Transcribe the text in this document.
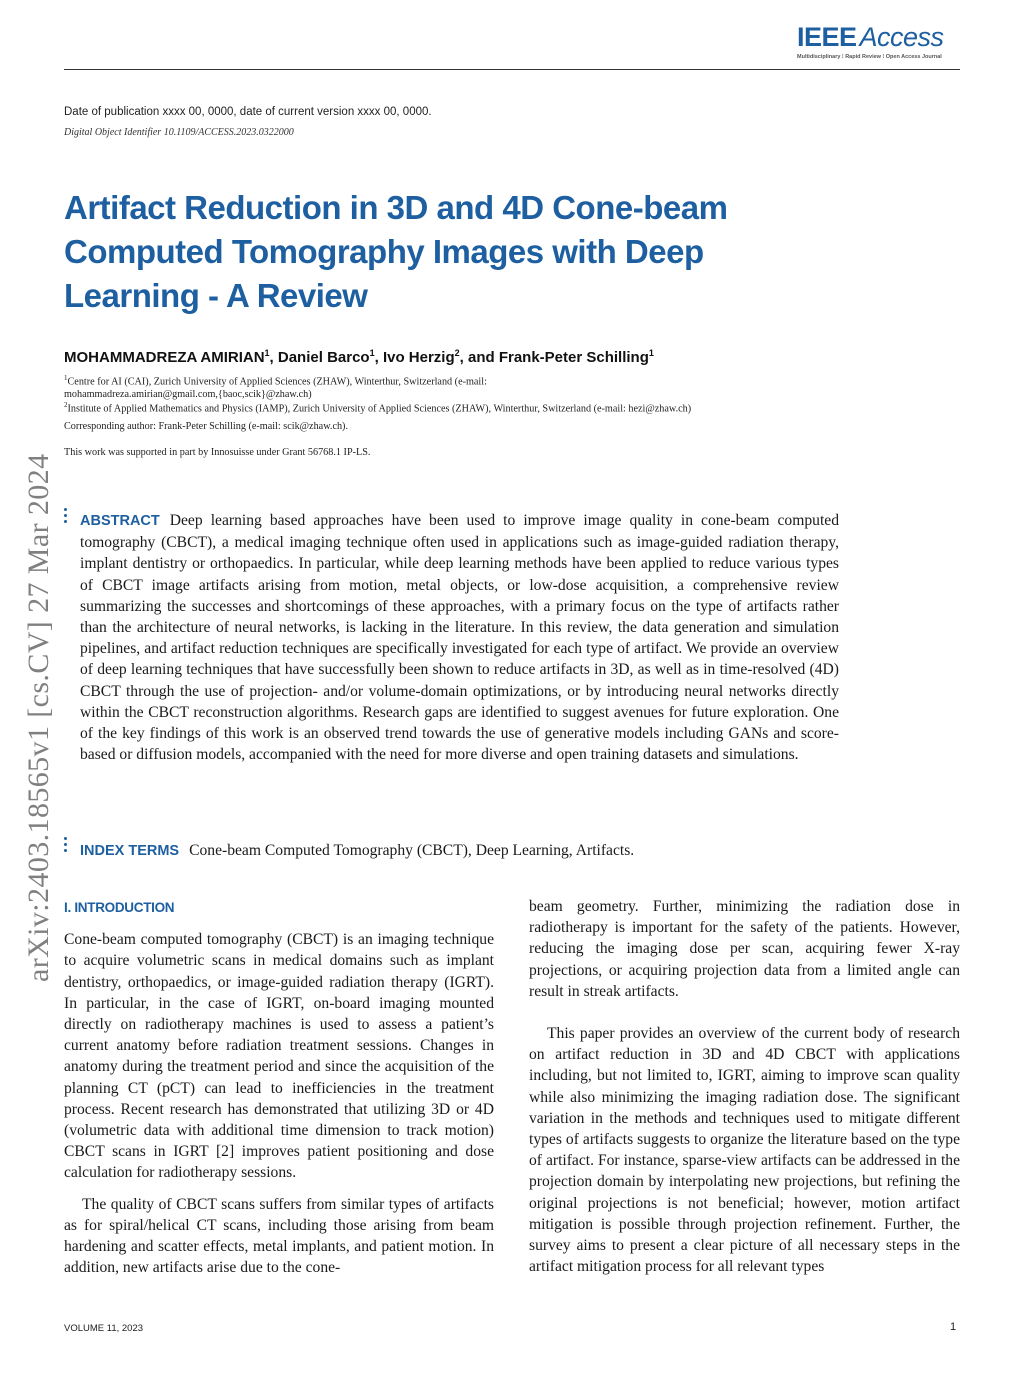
IEEE Access
Multidisciplinary ⁝ Rapid Review ⁝ Open Access Journal
Date of publication xxxx 00, 0000, date of current version xxxx 00, 0000.
Digital Object Identifier 10.1109/ACCESS.2023.0322000
arXiv:2403.18565v1 [cs.CV] 27 Mar 2024
Artifact Reduction in 3D and 4D Cone-beam
Computed Tomography Images with Deep
Learning - A Review
MOHAMMADREZA AMIRIAN$^1$, Daniel Barco$^1$, Ivo Herzig$^2$, and Frank-Peter Schilling$^1$
$^1$Centre for AI (CAI), Zurich University of Applied Sciences (ZHAW), Winterthur, Switzerland (e-mail:
mohammadreza.amirian@gmail.com,{baoc,scik}@zhaw.ch)
$^2$Institute of Applied Mathematics and Physics (IAMP), Zurich University of Applied Sciences (ZHAW), Winterthur, Switzerland (e-mail: hezi@zhaw.ch)
Corresponding author: Frank-Peter Schilling (e-mail: scik@zhaw.ch).
This work was supported in part by Innosuisse under Grant 56768.1 IP-LS.
ABSTRACT Deep learning based approaches have been used to improve image quality in cone-beam computed tomography (CBCT), a medical imaging technique often used in applications such as image-guided radiation therapy, implant dentistry or orthopaedics. In particular, while deep learning methods have been applied to reduce various types of CBCT image artifacts arising from motion, metal objects, or low-dose acquisition, a comprehensive review summarizing the successes and shortcomings of these approaches, with a primary focus on the type of artifacts rather than the architecture of neural networks, is lacking in the literature. In this review, the data generation and simulation pipelines, and artifact reduction techniques are specifically investigated for each type of artifact. We provide an overview of deep learning techniques that have successfully been shown to reduce artifacts in 3D, as well as in time-resolved (4D) CBCT through the use of projection- and/or volume-domain optimizations, or by introducing neural networks directly within the CBCT reconstruction algorithms. Research gaps are identified to suggest avenues for future exploration. One of the key findings of this work is an observed trend towards the use of generative models including GANs and score-based or diffusion models, accompanied with the need for more diverse and open training datasets and simulations.
INDEX TERMS Cone-beam Computed Tomography (CBCT), Deep Learning, Artifacts.
I. INTRODUCTION

Cone-beam computed tomography (CBCT) is an imaging technique to acquire volumetric scans in medical domains such as implant dentistry, orthopaedics, or image-guided radiation therapy (IGRT). In particular, in the case of IGRT, on-board imaging mounted directly on radiotherapy machines is used to assess a patient’s current anatomy before radiation treatment sessions. Changes in anatomy during the treatment period and since the acquisition of the planning CT (pCT) can lead to inefficiencies in the treatment process. Recent research has demonstrated that utilizing 3D or 4D (volumetric data with additional time dimension to track motion) CBCT scans in IGRT [2] improves patient positioning and dose calculation for radiotherapy sessions.

The quality of CBCT scans suffers from similar types of artifacts as for spiral/helical CT scans, including those arising from beam hardening and scatter effects, metal implants, and patient motion. In addition, new artifacts arise due to the cone-

beam geometry. Further, minimizing the radiation dose in radiotherapy is important for the safety of the patients. However, reducing the imaging dose per scan, acquiring fewer X-ray projections, or acquiring projection data from a limited angle can result in streak artifacts.

This paper provides an overview of the current body of research on artifact reduction in 3D and 4D CBCT with applications including, but not limited to, IGRT, aiming to improve scan quality while also minimizing the imaging radiation dose. The significant variation in the methods and techniques used to mitigate different types of artifacts suggests to organize the literature based on the type of artifact. For instance, sparse-view artifacts can be addressed in the projection domain by interpolating new projections, but refining the original projections is not beneficial; however, motion artifact mitigation is possible through projection refinement. Further, the survey aims to present a clear picture of all necessary steps in the artifact mitigation process for all relevant types

VOLUME 11, 2023	1
